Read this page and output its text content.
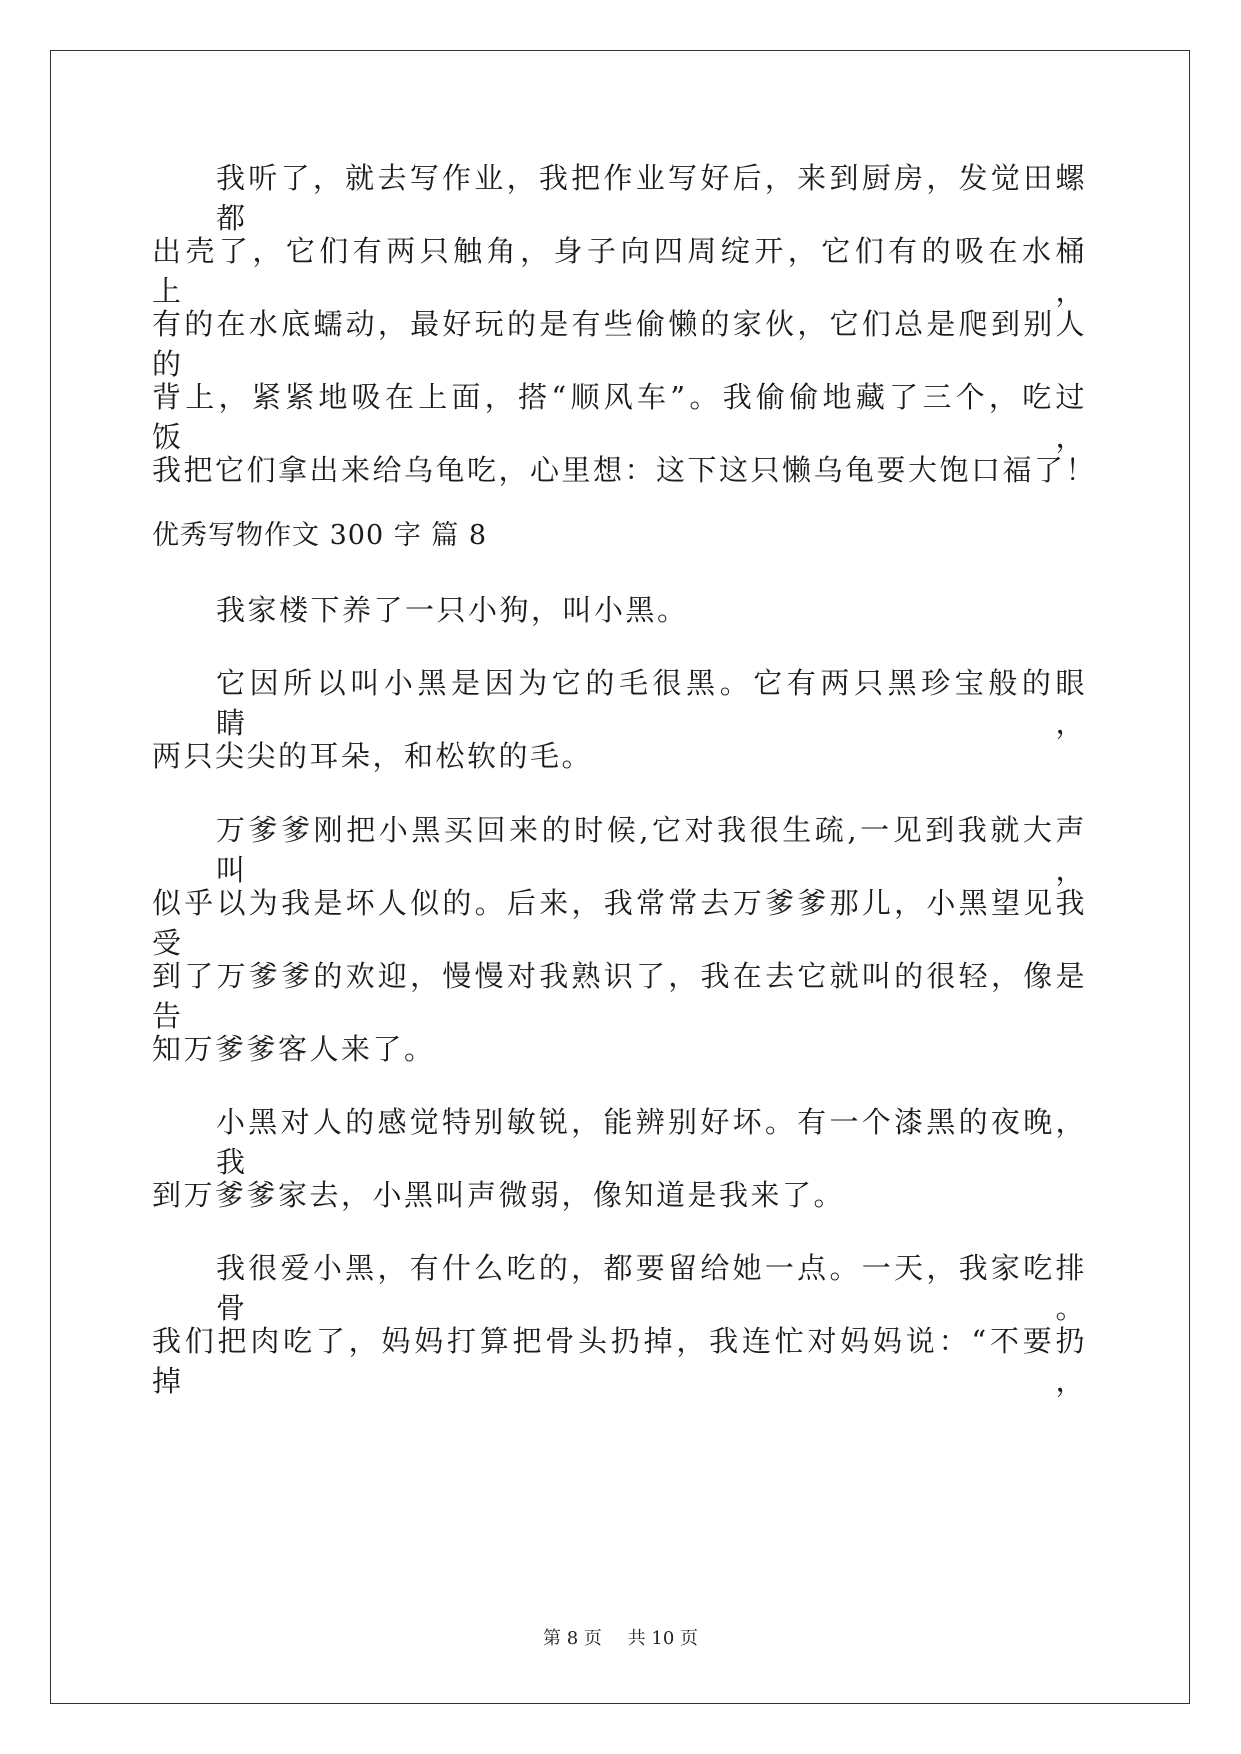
我听了，就去写作业，我把作业写好后，来到厨房，发觉田螺都
出壳了，它们有两只触角，身子向四周绽开，它们有的吸在水桶上，
有的在水底蠕动，最好玩的是有些偷懒的家伙，它们总是爬到别人的
背上，紧紧地吸在上面，搭“顺风车”。我偷偷地藏了三个，吃过饭，
我把它们拿出来给乌龟吃，心里想：这下这只懒乌龟要大饱口福了！
优秀写物作文 300 字 篇 8
我家楼下养了一只小狗，叫小黑。
它因所以叫小黑是因为它的毛很黑。它有两只黑珍宝般的眼睛，
两只尖尖的耳朵，和松软的毛。
万爹爹刚把小黑买回来的时候,它对我很生疏,一见到我就大声叫，
似乎以为我是坏人似的。后来，我常常去万爹爹那儿，小黑望见我受
到了万爹爹的欢迎，慢慢对我熟识了，我在去它就叫的很轻，像是告
知万爹爹客人来了。
小黑对人的感觉特别敏锐，能辨别好坏。有一个漆黑的夜晚，我
到万爹爹家去，小黑叫声微弱，像知道是我来了。
我很爱小黑，有什么吃的，都要留给她一点。一天，我家吃排骨。
我们把肉吃了，妈妈打算把骨头扔掉，我连忙对妈妈说：“不要扔掉，
第 8 页 共 10 页
